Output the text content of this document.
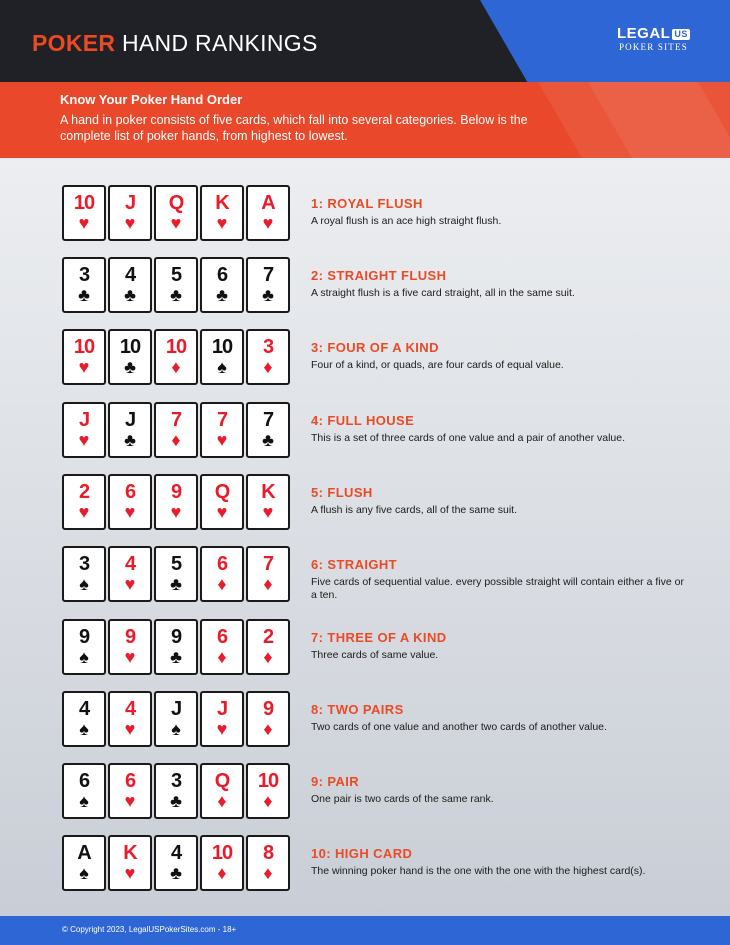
POKER HAND RANKINGS	LEGAL US
POKER SITES
Know Your Poker Hand Order
A hand in poker consists of five cards, which fall into several categories. Below is the complete list of poker hands, from highest to lowest.
© Copyright 2023, LegalUSPokerSites.com - 18+
10
♥
J
♥
Q
♥
K
♥
A
♥
1: ROYAL FLUSH
A royal flush is an ace high straight flush.
3
♣
4
♣
5
♣
6
♣
7
♣
2: STRAIGHT FLUSH
A straight flush is a five card straight, all in the same suit.
10
♥
10
♣
10
♦
10
♠
3
♦
3: FOUR OF A KIND
Four of a kind, or quads, are four cards of equal value.
J
♥
J
♣
7
♦
7
♥
7
♣
4: FULL HOUSE
This is a set of three cards of one value and a pair of another value.
2
♥
6
♥
9
♥
Q
♥
K
♥
5: FLUSH
A flush is any five cards, all of the same suit.
3
♠
4
♥
5
♣
6
♦
7
♦
6: STRAIGHT
Five cards of sequential value. every possible straight will contain either a five or a ten.
9
♠
9
♥
9
♣
6
♦
2
♦
7: THREE OF A KIND
Three cards of same value.
4
♠
4
♥
J
♠
J
♥
9
♦
8: TWO PAIRS
Two cards of one value and another two cards of another value.
6
♠
6
♥
3
♣
Q
♦
10
♦
9: PAIR
One pair is two cards of the same rank.
A
♠
K
♥
4
♣
10
♦
8
♦
10: HIGH CARD
The winning poker hand is the one with the one with the highest card(s).
